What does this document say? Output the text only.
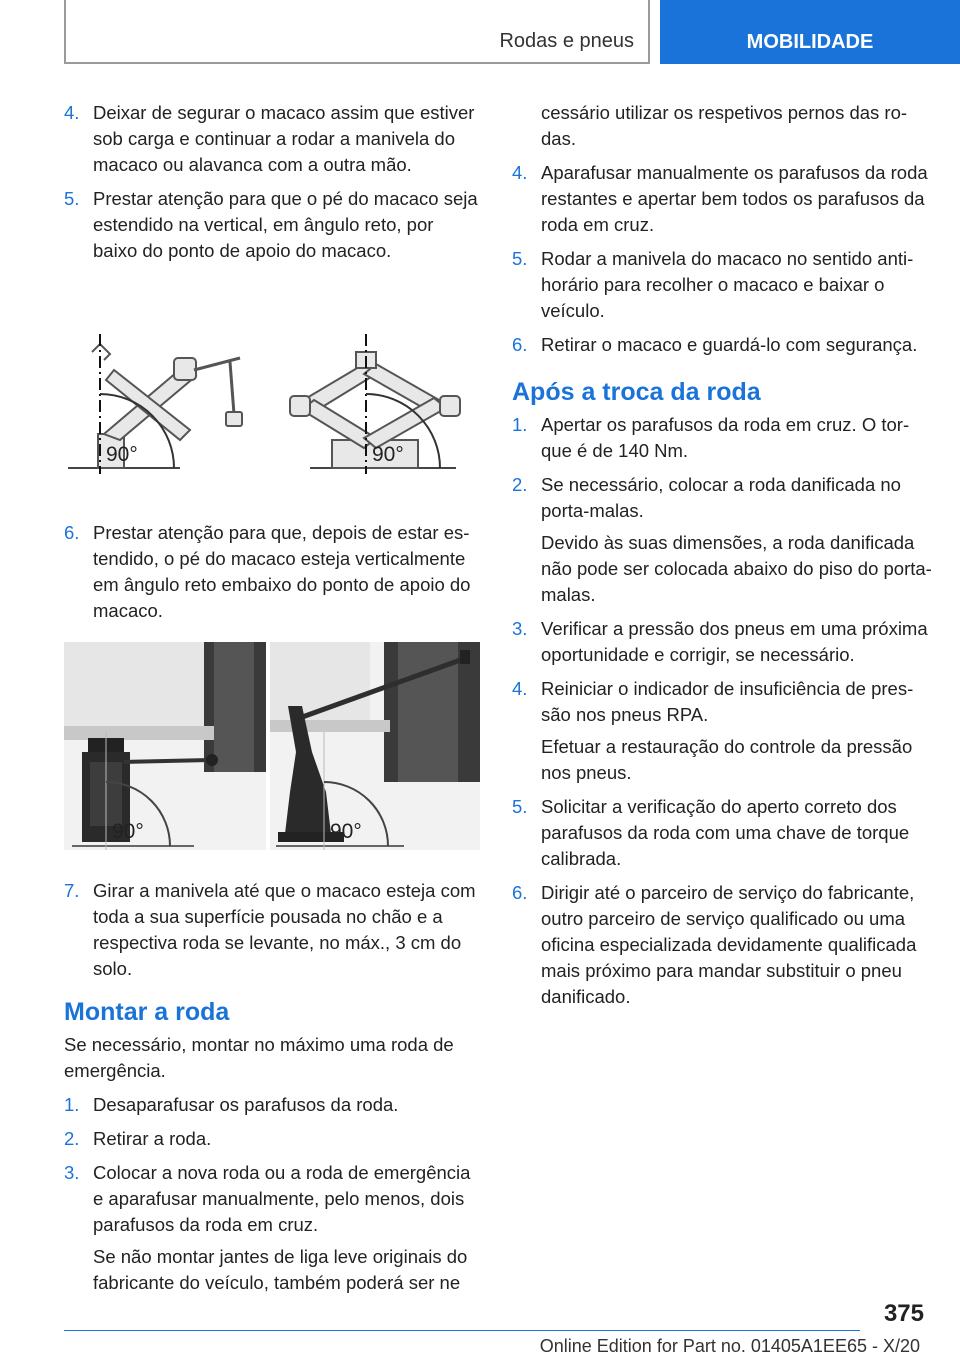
Rodas e pneus	MOBILIDADE
4. Deixar de segurar o macaco assim que estiver sob carga e continuar a rodar a manivela do macaco ou alavanca com a outra mão.
5. Prestar atenção para que o pé do macaco seja estendido na vertical, em ângulo reto, por baixo do ponto de apoio do macaco.
90°	90°
6. Prestar atenção para que, depois de estar estendido, o pé do macaco esteja verticalmente em ângulo reto embaixo do ponto de apoio do macaco.
90°	90°
7. Girar a manivela até que o macaco esteja com toda a sua superfície pousada no chão e a respectiva roda se levante, no máx., 3 cm do solo.
Montar a roda
Se necessário, montar no máximo uma roda de emergência.
1. Desaparafusar os parafusos da roda.
2. Retirar a roda.
3. Colocar a nova roda ou a roda de emergência e aparafusar manualmente, pelo menos, dois parafusos da roda em cruz.
Se não montar jantes de liga leve originais do fabricante do veículo, também poderá ser ne
cessário utilizar os respetivos pernos das rodas.
4. Aparafusar manualmente os parafusos da roda restantes e apertar bem todos os parafusos da roda em cruz.
5. Rodar a manivela do macaco no sentido anti-horário para recolher o macaco e baixar o veículo.
6. Retirar o macaco e guardá-lo com segurança.
Após a troca da roda
1. Apertar os parafusos da roda em cruz. O torque é de 140 Nm.
2. Se necessário, colocar a roda danificada no porta-malas.
Devido às suas dimensões, a roda danificada não pode ser colocada abaixo do piso do porta-malas.
3. Verificar a pressão dos pneus em uma próxima oportunidade e corrigir, se necessário.
4. Reiniciar o indicador de insuficiência de pressão nos pneus RPA.
Efetuar a restauração do controle da pressão nos pneus.
5. Solicitar a verificação do aperto correto dos parafusos da roda com uma chave de torque calibrada.
6. Dirigir até o parceiro de serviço do fabricante, outro parceiro de serviço qualificado ou uma oficina especializada devidamente qualificada mais próximo para mandar substituir o pneu danificado.
375
Online Edition for Part no. 01405A1EE65 - X/20
